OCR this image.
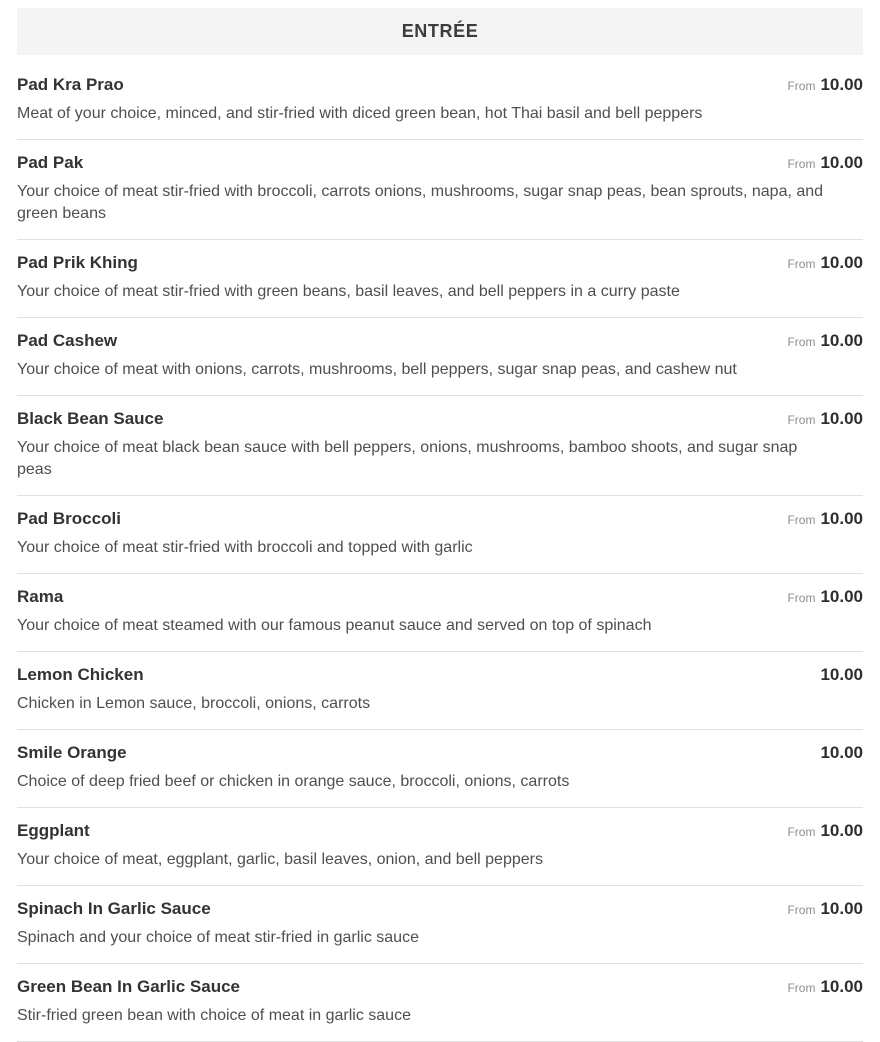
ENTRÉE
Pad Kra Prao	From 10.00
Meat of your choice, minced, and stir-fried with diced green bean, hot Thai basil and bell peppers
Pad Pak	From 10.00
Your choice of meat stir-fried with broccoli, carrots onions, mushrooms, sugar snap peas, bean sprouts, napa, and green beans
Pad Prik Khing	From 10.00
Your choice of meat stir-fried with green beans, basil leaves, and bell peppers in a curry paste
Pad Cashew	From 10.00
Your choice of meat with onions, carrots, mushrooms, bell peppers, sugar snap peas, and cashew nut
Black Bean Sauce	From 10.00
Your choice of meat black bean sauce with bell peppers, onions, mushrooms, bamboo shoots, and sugar snap peas
Pad Broccoli	From 10.00
Your choice of meat stir-fried with broccoli and topped with garlic
Rama	From 10.00
Your choice of meat steamed with our famous peanut sauce and served on top of spinach
Lemon Chicken	10.00
Chicken in Lemon sauce, broccoli, onions, carrots
Smile Orange	10.00
Choice of deep fried beef or chicken in orange sauce, broccoli, onions, carrots
Eggplant	From 10.00
Your choice of meat, eggplant, garlic, basil leaves, onion, and bell peppers
Spinach In Garlic Sauce	From 10.00
Spinach and your choice of meat stir-fried in garlic sauce
Green Bean In Garlic Sauce	From 10.00
Stir-fried green bean with choice of meat in garlic sauce
